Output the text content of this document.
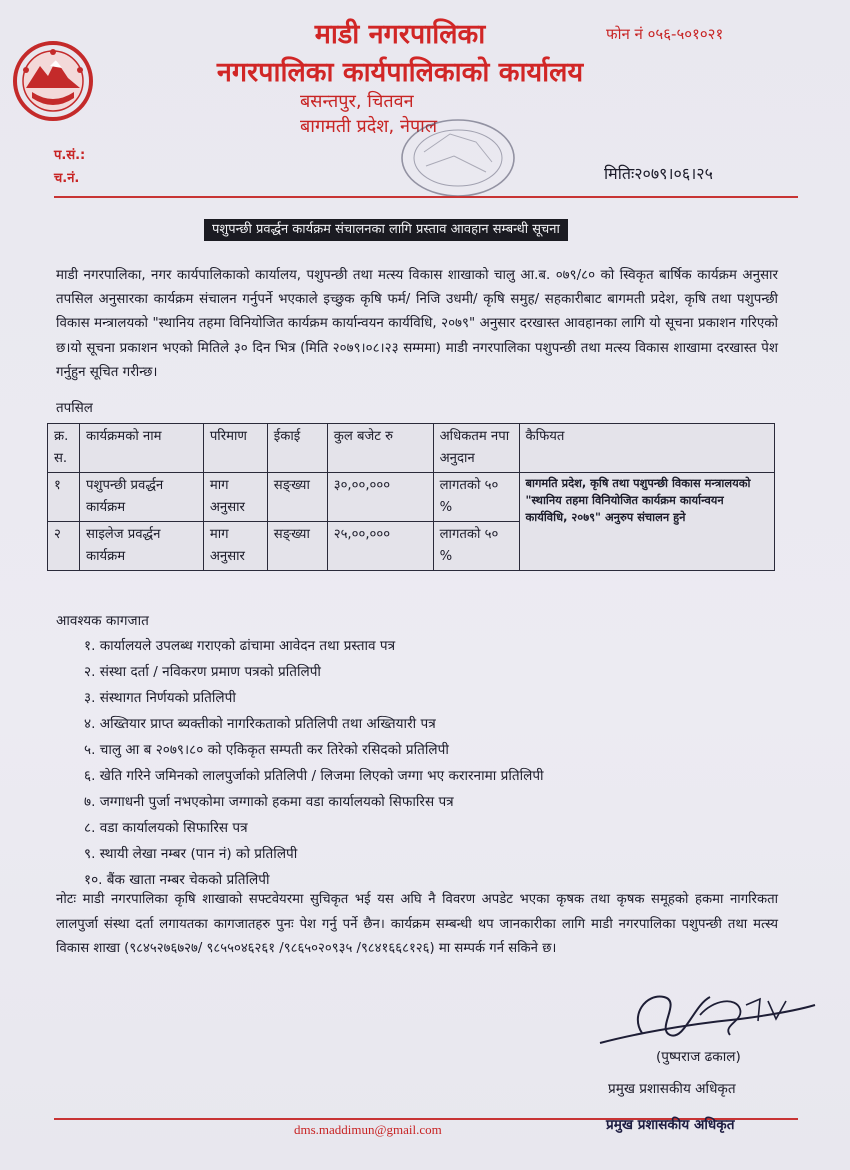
माडी नगरपालिका
नगरपालिका कार्यपालिकाको कार्यालय
बसन्तपुर, चितवन
बागमती प्रदेश, नेपाल
फोन नं ०५६-५०१०२१
प.सं.:
च.नं.	मितिः२०७९।०६।२५
पशुपन्छी प्रवर्द्धन कार्यक्रम संचालनका लागि प्रस्ताव आवहान सम्बन्धी सूचना
माडी नगरपालिका, नगर कार्यपालिकाको कार्यालय, पशुपन्छी तथा मत्स्य विकास शाखाको चालु आ.ब. ०७९/८० को स्विकृत बार्षिक कार्यक्रम अनुसार तपसिल अनुसारका कार्यक्रम संचालन गर्नुपर्ने भएकाले इच्छुक कृषि फर्म/ निजि उधमी/ कृषि समुह/ सहकारीबाट बागमती प्रदेश, कृषि तथा पशुपन्छी विकास मन्त्रालयको "स्थानिय तहमा विनियोजित कार्यक्रम कार्यान्वयन कार्यविधि, २०७९" अनुसार दरखास्त आवहानका लागि यो सूचना प्रकाशन गरिएको छ।यो सूचना प्रकाशन भएको मितिले ३० दिन भित्र (मिति २०७९।०८।२३ सम्ममा) माडी नगरपालिका पशुपन्छी तथा मत्स्य विकास शाखामा दरखास्त पेश गर्नुहुन सूचित गरीन्छ।
तपसिल
क्र. स.	कार्यक्रमको नाम	परिमाण	ईकाई	कुल बजेट रु	अधिकतम नपा अनुदान	कैफियत
१	पशुपन्छी प्रवर्द्धन कार्यक्रम	माग अनुसार	सङ्ख्या	३०,००,०००	लागतको ५० %	बागमति प्रदेश, कृषि तथा पशुपन्छी विकास मन्त्रालयको "स्थानिय तहमा विनियोजित कार्यक्रम कार्यान्वयन कार्यविधि, २०७९" अनुरुप संचालन हुने
२	साइलेज प्रवर्द्धन कार्यक्रम	माग अनुसार	सङ्ख्या	२५,००,०००	लागतको ५० %	
आवश्यक कागजात
१. कार्यालयले उपलब्ध गराएको ढांचामा आवेदन तथा प्रस्ताव पत्र
२. संस्था दर्ता / नविकरण प्रमाण पत्रको प्रतिलिपी
३. संस्थागत निर्णयको प्रतिलिपी
४. अख्तियार प्राप्त ब्यक्तीको नागरिकताको प्रतिलिपी तथा अख्तियारी पत्र
५. चालु आ ब २०७९।८० को एकिकृत सम्पती कर तिरेको रसिदको प्रतिलिपी
६. खेति गरिने जमिनको लालपुर्जाको प्रतिलिपी / लिजमा लिएको जग्गा भए करारनामा प्रतिलिपी
७. जग्गाधनी पुर्जा नभएकोमा जग्गाको हकमा वडा कार्यालयको सिफारिस पत्र
८. वडा कार्यालयको सिफारिस पत्र
९. स्थायी लेखा नम्बर (पान नं) को प्रतिलिपी
१०. बैंक खाता नम्बर चेकको प्रतिलिपी
नोटः माडी नगरपालिका कृषि शाखाको सफ्टवेयरमा सुचिकृत भई यस अघि नै विवरण अपडेट भएका कृषक तथा कृषक समूहको हकमा नागरिकता लालपुर्जा संस्था दर्ता लगायतका कागजातहरु पुनः पेश गर्नु पर्ने छैन। कार्यक्रम सम्बन्धी थप जानकारीका लागि माडी नगरपालिका पशुपन्छी तथा मत्स्य विकास शाखा (९८४५२७६७२७/ ९८५५०४६२६१ /९८६५०२०९३५ /९८४१६६८१२६) मा सम्पर्क गर्न सकिने छ।
(पुष्पराज ढकाल)
प्रमुख प्रशासकीय अधिकृत
dms.maddimun@gmail.com	प्रमुख प्रशासकीय अधिकृत
